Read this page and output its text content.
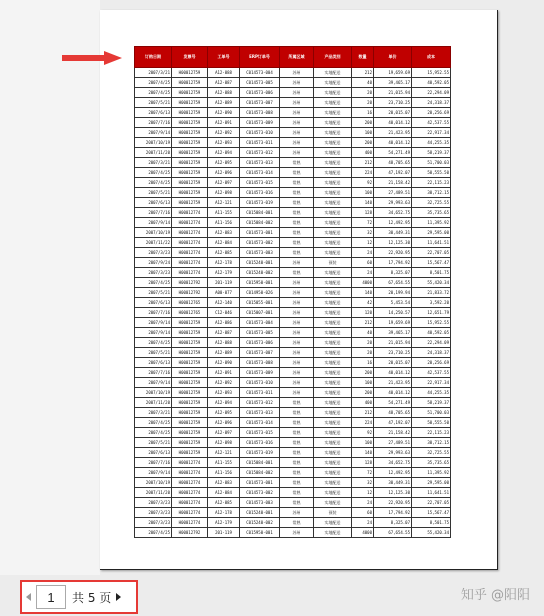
订购日期	发票号	工单号	ERP订单号	所属区域	产品类别	数量	单价	成本
2007/3/21	H00012759	A12-088	C014573-004	苏州	实地配送	212	19,659.69	15,952.55
2007/4/25	H00012759	A12-087	C014573-005	苏州	实地配送	40	39,465.17	40,592.05
2007/4/25	H00012759	A12-088	C014573-006	苏州	实地配送	20	21,015.94	22,294.09
2007/5/21	H00012759	A12-089	C014573-007	苏州	实地配送	20	23,710.25	24,318.37
2007/6/13	H00012759	A12-090	C014573-008	苏州	实地配送	16	20,015.07	20,256.69
2007/7/16	H00012759	A12-091	C014573-009	苏州	实地配送	200	40,014.12	42,537.55
2007/9/14	H00012759	A12-092	C014573-010	苏州	实地配送	100	21,423.95	22,917.34
2007/10/19	H00012759	A12-093	C014573-011	苏州	实地配送	200	40,014.12	44,255.35
2007/11/20	H00012759	A12-094	C014573-012	苏州	实地配送	400	54,271.49	58,219.37
2007/3/21	H00012759	A12-095	C014573-013	常熟	实地配送	212	48,705.65	51,700.03
2007/4/25	H00012759	A12-096	C014573-014	常熟	实地配送	224	47,192.07	50,555.50
2007/4/25	H00012759	A12-097	C014573-015	常熟	实地配送	92	21,158.42	22,115.23
2007/5/21	H00012759	A12-098	C014573-016	常熟	实地配送	100	27,489.51	30,712.15
2007/6/13	H00012759	A12-121	C014573-019	常熟	实地配送	140	29,993.63	32,725.55
2007/7/16	H00012774	A11-155	C015084-001	常熟	实地配送	128	34,652.75	35,735.65
2007/9/14	H00012774	A11-156	C015084-002	常熟	实地配送	72	12,492.95	11,395.92
2007/10/19	H00012774	A12-083	C014573-001	常熟	实地配送	32	30,449.31	29,595.00
2007/11/22	H00012774	A12-084	C014573-002	常熟	实地配送	12	12,125.30	11,641.51
2007/3/23	H00012774	A12-085	C014573-003	常熟	实地配送	24	22,920.95	22,707.05
2007/9/24	H00012774	A12-178	C015240-001	苏州	预装	60	17,794.92	15,567.47
2007/3/23	H00012774	A12-179	C015240-002	常熟	实地配送	24	8,325.07	8,501.75
2007/4/25	H00012792	201-119	C015950-001	苏州	实地配送	4000	67,654.55	55,420.34
2007/5/21	H00012792	A00-077	C014950-026	苏州	实地配送	140	20,199.94	21,833.72
2007/6/13	H00012765	A12-140	C015055-001	苏州	实地配送	42	5,453.54	3,592.20
2007/7/16	H00012765	C12-046	C015007-001	苏州	实地配送	120	14,250.57	12,651.79
2007/9/14	H00012759	A12-086	C014573-004	苏州	实地配送	212	19,659.69	15,952.55
2007/9/14	H00012759	A12-087	C014573-005	苏州	实地配送	40	39,465.17	40,592.05
2007/4/25	H00012759	A12-088	C014573-006	苏州	实地配送	20	21,015.94	22,294.09
2007/5/21	H00012759	A12-089	C014573-007	苏州	实地配送	20	23,710.25	24,318.37
2007/6/13	H00012759	A12-090	C014573-008	苏州	实地配送	16	20,015.07	20,256.69
2007/7/16	H00012759	A12-091	C014573-009	苏州	实地配送	200	40,014.12	42,537.55
2007/9/14	H00012759	A12-092	C014573-010	苏州	实地配送	100	21,423.95	22,917.34
2007/10/19	H00012759	A12-093	C014573-011	苏州	实地配送	200	40,014.12	44,255.35
2007/11/20	H00012759	A12-094	C014573-012	常熟	实地配送	400	54,271.49	58,219.37
2007/3/21	H00012759	A12-095	C014573-013	常熟	实地配送	212	48,705.65	51,700.03
2007/4/25	H00012759	A12-096	C014573-014	常熟	实地配送	224	47,192.07	50,555.50
2007/4/25	H00012759	A12-097	C014573-015	常熟	实地配送	92	21,158.42	22,115.23
2007/5/21	H00012759	A12-098	C014573-016	常熟	实地配送	100	27,489.51	30,712.15
2007/6/13	H00012759	A12-121	C014573-019	常熟	实地配送	140	29,993.63	32,725.55
2007/7/16	H00012774	A11-155	C015084-001	常熟	实地配送	128	34,652.75	35,735.65
2007/9/14	H00012774	A11-156	C015084-002	常熟	实地配送	72	12,492.95	11,395.92
2007/10/19	H00012774	A12-083	C014573-001	常熟	实地配送	32	30,449.31	29,595.00
2007/11/20	H00012774	A12-084	C014573-002	常熟	实地配送	12	12,125.30	11,641.51
2007/3/23	H00012774	A12-085	C014573-003	常熟	实地配送	24	22,920.95	22,707.05
2007/3/23	H00012774	A12-178	C015240-001	苏州	预装	60	17,794.92	15,567.47
2007/3/23	H00012774	A12-179	C015240-002	常熟	实地配送	24	8,325.07	8,501.75
2007/4/25	H00012792	201-119	C015950-001	苏州	实地配送	4000	67,654.55	55,420.34
1
共 5 页	知乎 @阳阳
